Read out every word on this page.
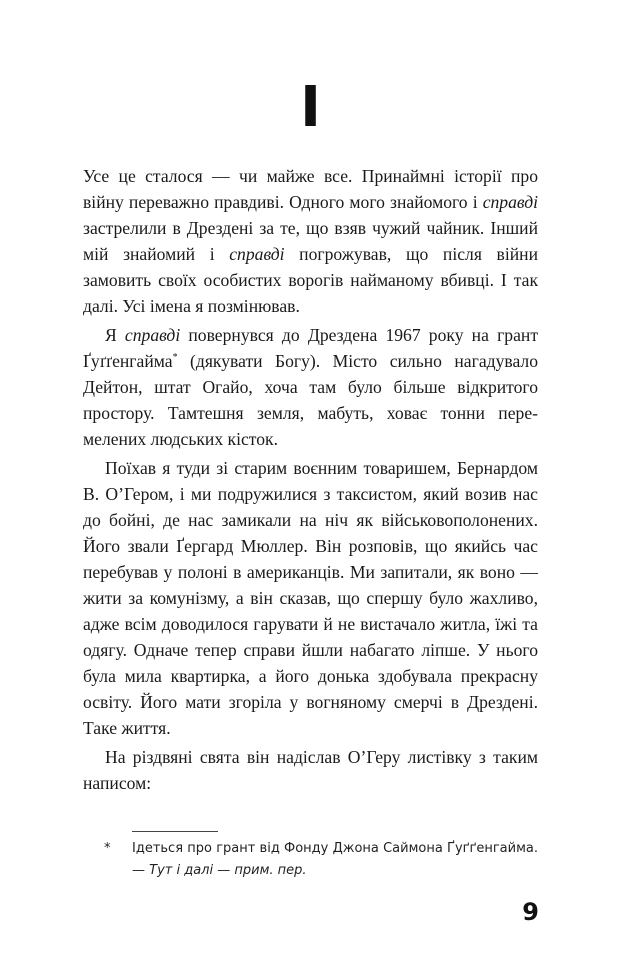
I

Усе це сталося — чи майже все. Принаймні історії про війну переважно правдиві. Одного мого знайомого і справді застрелили в Дрездені за те, що взяв чужий чайник. Інший мій знайомий і справді погрожував, що після війни замовить своїх особистих ворогів найманому вбивці. І так далі. Усі імена я позмінював.

Я справді повернувся до Дрездена 1967 року на грант Ґуґґенгайма* (дякувати Богу). Місто сильно нагадувало Дейтон, штат Огайо, хоча там було більше відкритого простору. Тамтешня земля, мабуть, ховає тонни перемелених людських кісток.

Поїхав я туди зі старим воєнним товаришем, Бернардом В. О’Гером, і ми подружилися з таксистом, який возив нас до бойні, де нас замикали на ніч як військовополонених. Його звали Ґергард Мюллер. Він розповів, що якийсь час перебував у полоні в американців. Ми запитали, як воно — жити за комунізму, а він сказав, що спершу було жахливо, адже всім доводилося гарувати й не вистачало житла, їжі та одягу. Одначе тепер справи йшли набагато ліпше. У нього була мила квартирка, а його донька здобувала прекрасну освіту. Його мати згоріла у вогняному смерчі в Дрездені. Таке життя.

На різдвяні свята він надіслав О’Геру листівку з таким написом:

* Ідеться про грант від Фонду Джона Саймона Ґуґґенгайма. — Тут і далі — прим. пер.
9
